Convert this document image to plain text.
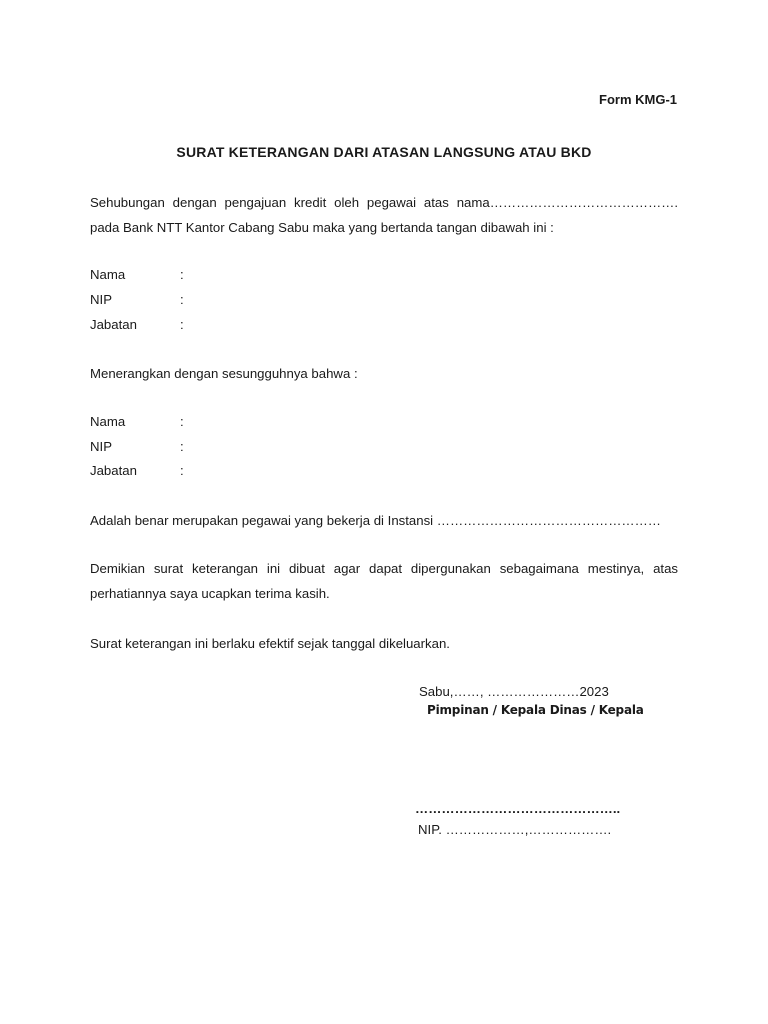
Form KMG-1
SURAT KETERANGAN DARI ATASAN LANGSUNG ATAU BKD
Sehubungan dengan pengajuan kredit oleh pegawai atas nama…………………………………….
pada Bank NTT Kantor Cabang Sabu maka yang bertanda tangan dibawah ini :
Nama	:
NIP	:
Jabatan	:
Menerangkan dengan sesungguhnya bahwa :
Nama	:
NIP	:
Jabatan	:
Adalah benar merupakan pegawai yang bekerja di Instansi ……………………………………………
Demikian surat keterangan ini dibuat agar dapat dipergunakan sebagaimana mestinya, atas
perhatiannya saya ucapkan terima kasih.
Surat keterangan ini berlaku efektif sejak tanggal dikeluarkan.
Sabu,……, …………………2023
Pimpinan / Kepala Dinas / Kepala
………………………………………..
NIP. ………………,……………….
